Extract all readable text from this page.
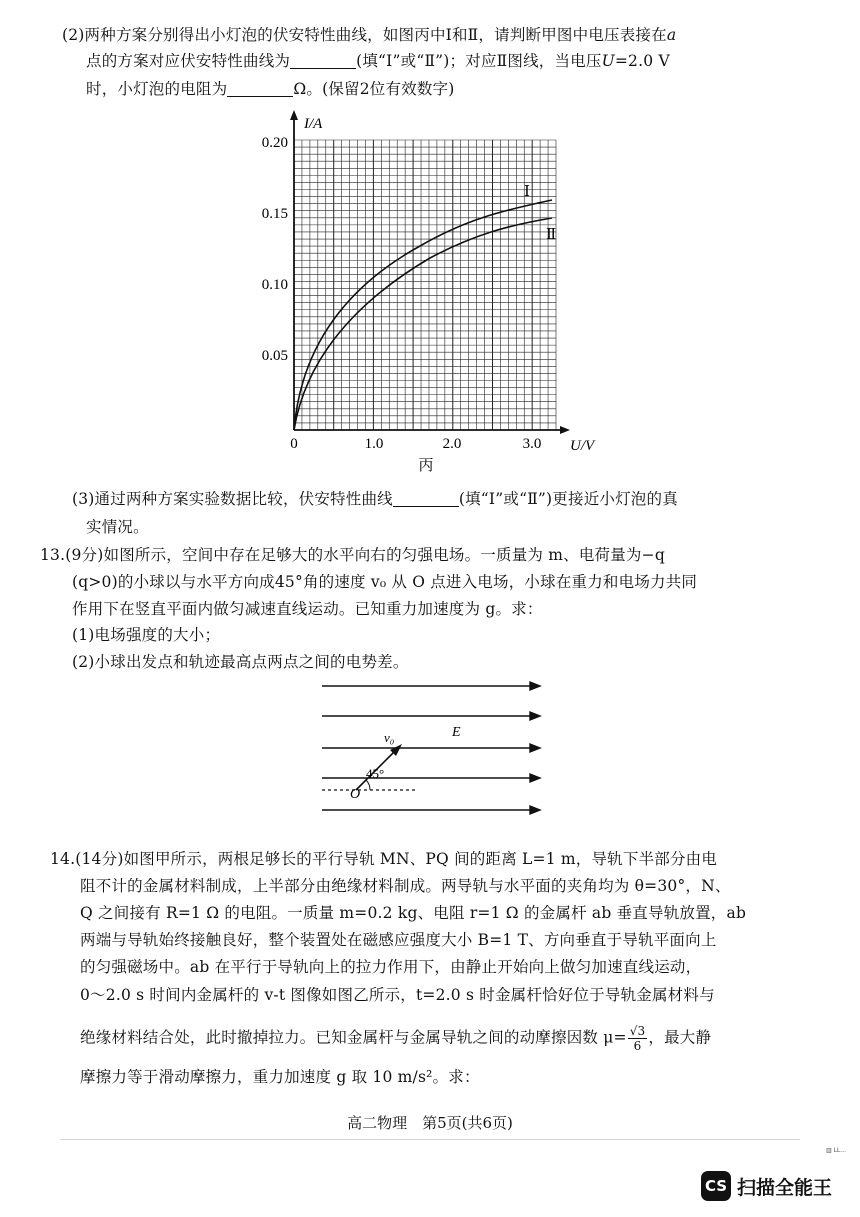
(2)两种方案分别得出小灯泡的伏安特性曲线，如图丙中Ⅰ和Ⅱ，请判断甲图中电压表接在a
点的方案对应伏安特性曲线为	(填“Ⅰ”或“Ⅱ”)；对应Ⅱ图线，当电压U=2.0 V
时，小灯泡的电阻为	Ω。(保留2位有效数字)
I/A
U/V
0.20
0.15
0.10
0.05
0	1.0	2.0	3.0
丙
Ⅰ
Ⅱ
(3)通过两种方案实验数据比较，伏安特性曲线	(填“Ⅰ”或“Ⅱ”)更接近小灯泡的真
实情况。
13.(9分)如图所示，空间中存在足够大的水平向右的匀强电场。一质量为 m、电荷量为−q
(q>0)的小球以与水平方向成45°角的速度 v₀ 从 O 点进入电场，小球在重力和电场力共同
作用下在竖直平面内做匀减速直线运动。已知重力加速度为 g。求：
(1)电场强度的大小；
(2)小球出发点和轨迹最高点两点之间的电势差。
v₀	E
45°
O
14.(14分)如图甲所示，两根足够长的平行导轨 MN、PQ 间的距离 L=1 m，导轨下半部分由电
阻不计的金属材料制成，上半部分由绝缘材料制成。两导轨与水平面的夹角均为 θ=30°，N、
Q 之间接有 R=1 Ω 的电阻。一质量 m=0.2 kg、电阻 r=1 Ω 的金属杆 ab 垂直导轨放置，ab
两端与导轨始终接触良好，整个装置处在磁感应强度大小 B=1 T、方向垂直于导轨平面向上
的匀强磁场中。ab 在平行于导轨向上的拉力作用下，由静止开始向上做匀加速直线运动，
0～2.0 s 时间内金属杆的 v-t 图像如图乙所示，t=2.0 s 时金属杆恰好位于导轨金属材料与
绝缘材料结合处，此时撤掉拉力。已知金属杆与金属导轨之间的动摩擦因数 $\mu= \frac{√3}{6}$ ，最大静
摩擦力等于滑动摩擦力，重力加速度 g 取 10 m/s²。求：
高二物理　第5页(共6页)
▥ LL...
CS 扫描全能王
